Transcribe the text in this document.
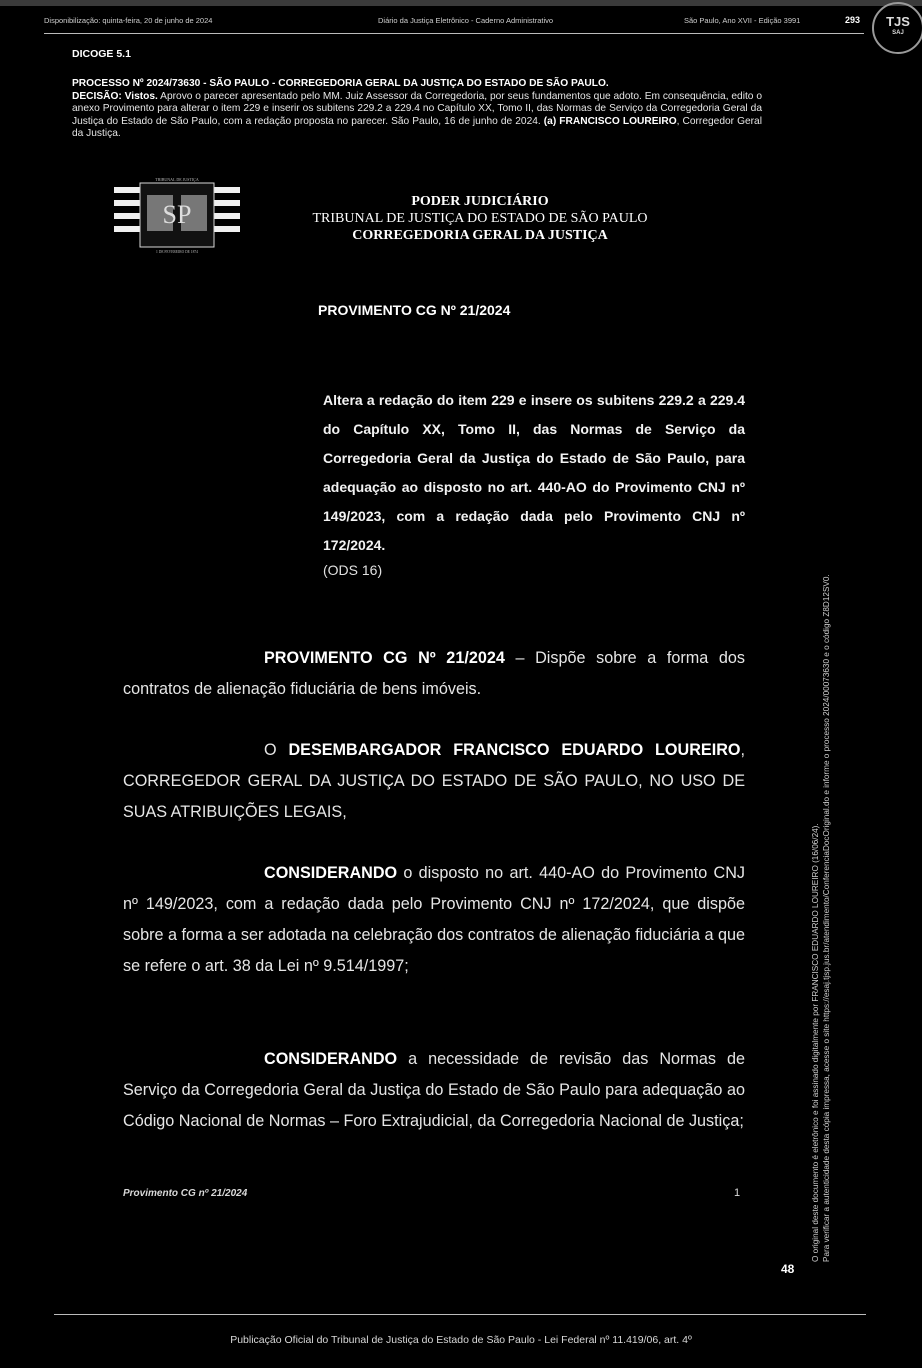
Disponibilização: quinta-feira, 20 de junho de 2024	Diário da Justiça Eletrônico - Caderno Administrativo	São Paulo, Ano XVII - Edição 3991	293	TJS
SAJ
DICOGE 5.1
PROCESSO Nº 2024/73630 - SÃO PAULO - CORREGEDORIA GERAL DA JUSTIÇA DO ESTADO DE SÃO PAULO.
DECISÃO: Vistos. Aprovo o parecer apresentado pelo MM. Juiz Assessor da Corregedoria, por seus fundamentos que adoto. Em consequência, edito o anexo Provimento para alterar o item 229 e inserir os subitens 229.2 a 229.4 no Capítulo XX, Tomo II, das Normas de Serviço da Corregedoria Geral da Justiça do Estado de São Paulo, com a redação proposta no parecer. São Paulo, 16 de junho de 2024. (a) FRANCISCO LOUREIRO, Corregedor Geral da Justiça.
SP
TRIBUNAL DE JUSTIÇA
1 DE FEVEREIRO DE 1874
PODER JUDICIÁRIO
TRIBUNAL DE JUSTIÇA DO ESTADO DE SÃO PAULO
CORREGEDORIA GERAL DA JUSTIÇA
PROVIMENTO CG Nº 21/2024
Altera a redação do item 229 e insere os subitens 229.2 a 229.4 do Capítulo XX, Tomo II, das Normas de Serviço da Corregedoria Geral da Justiça do Estado de São Paulo, para adequação ao disposto no art. 440-AO do Provimento CNJ nº 149/2023, com a redação dada pelo Provimento CNJ nº 172/2024.
(ODS 16)
PROVIMENTO CG Nº 21/2024 – Dispõe sobre a forma dos contratos de alienação fiduciária de bens imóveis.
O DESEMBARGADOR FRANCISCO EDUARDO LOUREIRO, CORREGEDOR GERAL DA JUSTIÇA DO ESTADO DE SÃO PAULO, NO USO DE SUAS ATRIBUIÇÕES LEGAIS,
CONSIDERANDO o disposto no art. 440-AO do Provimento CNJ nº 149/2023, com a redação dada pelo Provimento CNJ nº 172/2024, que dispõe sobre a forma a ser adotada na celebração dos contratos de alienação fiduciária a que se refere o art. 38 da Lei nº 9.514/1997;
CONSIDERANDO a necessidade de revisão das Normas de Serviço da Corregedoria Geral da Justiça do Estado de São Paulo para adequação ao Código Nacional de Normas – Foro Extrajudicial, da Corregedoria Nacional de Justiça;
Provimento CG nº 21/2024	1	O original deste documento é eletrônico e foi assinado digitalmente por FRANCISCO EDUARDO LOUREIRO (16/06/24). Para verificar a autenticidade desta cópia impressa, acesse o site https://esaj.tjsp.jus.br/atendimento/ConferenciaDocOriginal.do e informe o processo 2024/00073630 e o código Z8D12SV0.
48
Publicação Oficial do Tribunal de Justiça do Estado de São Paulo - Lei Federal nº 11.419/06, art. 4º
